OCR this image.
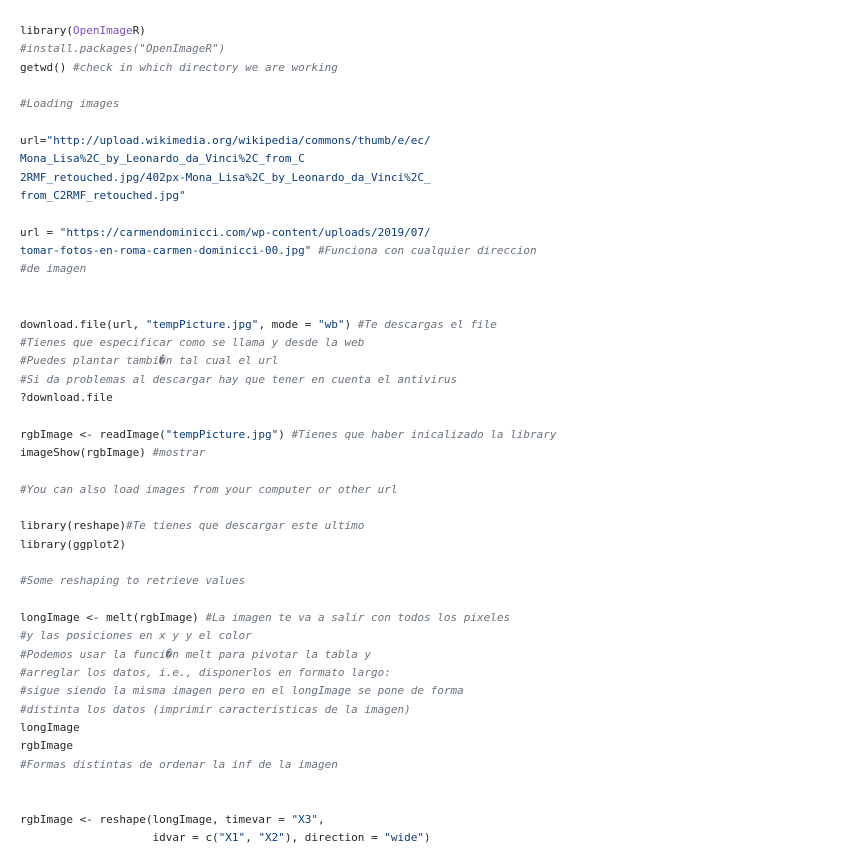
library(OpenImageR)
#install.packages("OpenImageR")
getwd() #check in which directory we are working

#Loading images

url="http://upload.wikimedia.org/wikipedia/commons/thumb/e/ec/
Mona_Lisa%2C_by_Leonardo_da_Vinci%2C_from_C
2RMF_retouched.jpg/402px-Mona_Lisa%2C_by_Leonardo_da_Vinci%2C_
from_C2RMF_retouched.jpg"

url = "https://carmendominicci.com/wp-content/uploads/2019/07/
tomar-fotos-en-roma-carmen-dominicci-00.jpg" #Funciona con cualquier direccion
#de imagen

download.file(url, "tempPicture.jpg", mode = "wb") #Te descargas el file
#Tienes que especificar como se llama y desde la web
#Puedes plantar tambi�n tal cual el url
#Si da problemas al descargar hay que tener en cuenta el antivirus
?download.file

rgbImage <- readImage("tempPicture.jpg") #Tienes que haber inicalizado la library
imageShow(rgbImage) #mostrar

#You can also load images from your computer or other url

library(reshape)#Te tienes que descargar este ultimo
library(ggplot2)

#Some reshaping to retrieve values

longImage <- melt(rgbImage) #La imagen te va a salir con todos los pixeles
#y las posiciones en x y y el color
#Podemos usar la funci�n melt para pivotar la tabla y
#arreglar los datos, i.e., disponerlos en formato largo:
#sigue siendo la misma imagen pero en el longImage se pone de forma
#distinta los datos (imprimir caracteristicas de la imagen)
longImage
rgbImage
#Formas distintas de ordenar la inf de la imagen

rgbImage <- reshape(longImage, timevar = "X3",
idvar = c("X1", "X2"), direction = "wide")
